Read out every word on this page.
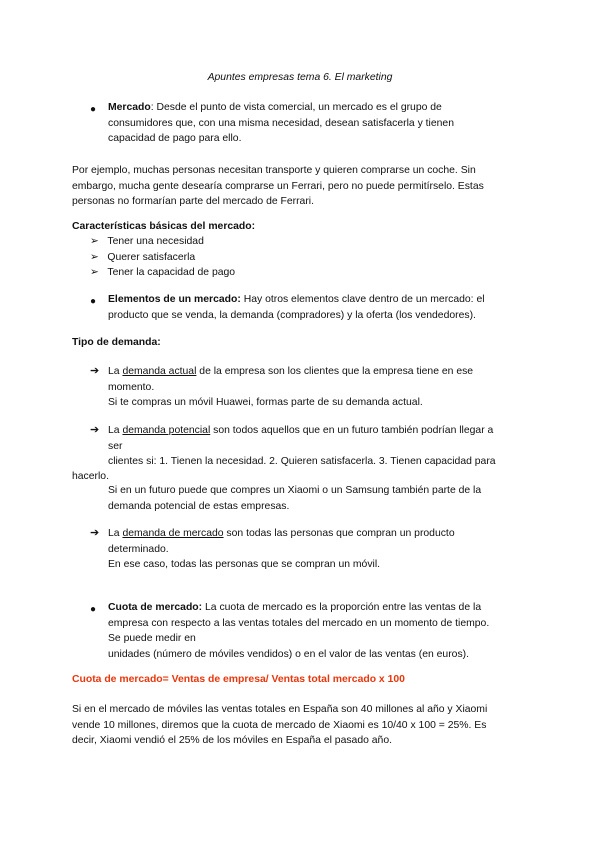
Apuntes empresas tema 6. El marketing
● Mercado: Desde el punto de vista comercial, un mercado es el grupo de
consumidores que, con una misma necesidad, desean satisfacerla y tienen
capacidad de pago para ello.
Por ejemplo, muchas personas necesitan transporte y quieren comprarse un coche. Sin
embargo, mucha gente desearía comprarse un Ferrari, pero no puede permitírselo. Estas
personas no formarían parte del mercado de Ferrari.
Características básicas del mercado:
➢ Tener una necesidad
➢ Querer satisfacerla
➢ Tener la capacidad de pago
● Elementos de un mercado: Hay otros elementos clave dentro de un mercado: el
producto que se venda, la demanda (compradores) y la oferta (los vendedores).
Tipo de demanda:
➔ La demanda actual de la empresa son los clientes que la empresa tiene en ese
momento.
Si te compras un móvil Huawei, formas parte de su demanda actual.
➔ La demanda potencial son todos aquellos que en un futuro también podrían llegar a
ser
clientes si: 1. Tienen la necesidad. 2. Quieren satisfacerla. 3. Tienen capacidad para
hacerlo.
Si en un futuro puede que compres un Xiaomi o un Samsung también parte de la
demanda potencial de estas empresas.
➔ La demanda de mercado son todas las personas que compran un producto
determinado.
En ese caso, todas las personas que se compran un móvil.
● Cuota de mercado: La cuota de mercado es la proporción entre las ventas de la
empresa con respecto a las ventas totales del mercado en un momento de tiempo.
Se puede medir en
unidades (número de móviles vendidos) o en el valor de las ventas (en euros).
Cuota de mercado= Ventas de empresa/ Ventas total mercado x 100
Si en el mercado de móviles las ventas totales en España son 40 millones al año y Xiaomi
vende 10 millones, diremos que la cuota de mercado de Xiaomi es 10/40 x 100 = 25%. Es
decir, Xiaomi vendió el 25% de los móviles en España el pasado año.
